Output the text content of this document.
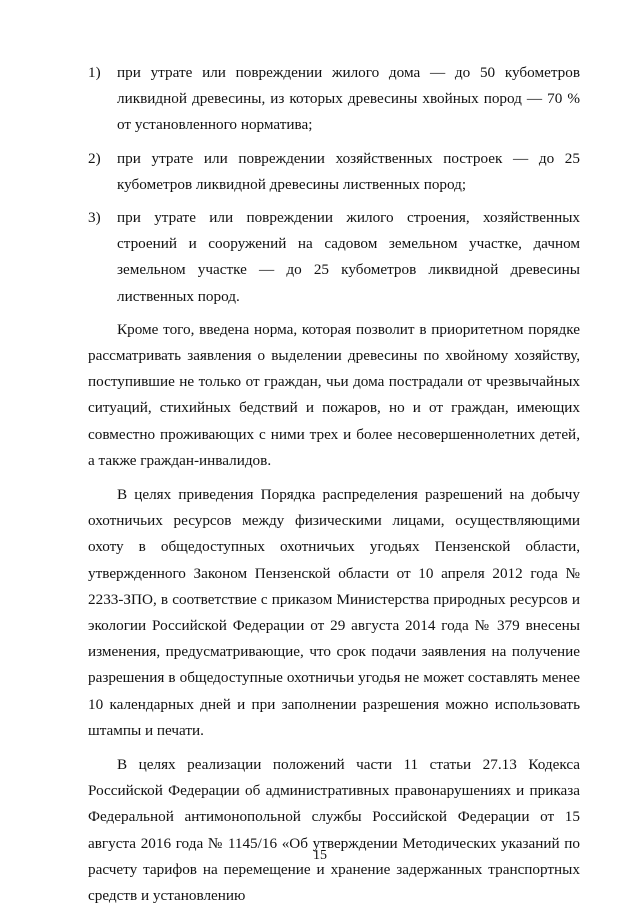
1) при утрате или повреждении жилого дома — до 50 кубометров ликвидной древесины, из которых древесины хвойных пород — 70 % от установленного норматива;
2) при утрате или повреждении хозяйственных построек — до 25 кубометров ликвидной древесины лиственных пород;
3) при утрате или повреждении жилого строения, хозяйственных строений и сооружений на садовом земельном участке, дачном земельном участке — до 25 кубометров ликвидной древесины лиственных пород.

Кроме того, введена норма, которая позволит в приоритетном порядке рассматривать заявления о выделении древесины по хвойному хозяйству, поступившие не только от граждан, чьи дома пострадали от чрезвычайных ситуаций, стихийных бедствий и пожаров, но и от граждан, имеющих совместно проживающих с ними трех и более несовершеннолетних детей, а также граждан-инвалидов.

В целях приведения Порядка распределения разрешений на добычу охотничьих ресурсов между физическими лицами, осуществляющими охоту в общедоступных охотничьих угодьях Пензенской области, утвержденного Законом Пензенской области от 10 апреля 2012 года № 2233-ЗПО, в соответствие с приказом Министерства природных ресурсов и экологии Российской Федерации от 29 августа 2014 года № 379 внесены изменения, предусматривающие, что срок подачи заявления на получение разрешения в общедоступные охотничьи угодья не может составлять менее 10 календарных дней и при заполнении разрешения можно использовать штампы и печати.

В целях реализации положений части 11 статьи 27.13 Кодекса Российской Федерации об административных правонарушениях и приказа Федеральной антимонопольной службы Российской Федерации от 15 августа 2016 года № 1145/16 «Об утверждении Методических указаний по расчету тарифов на перемещение и хранение задержанных транспортных средств и установлению

15
